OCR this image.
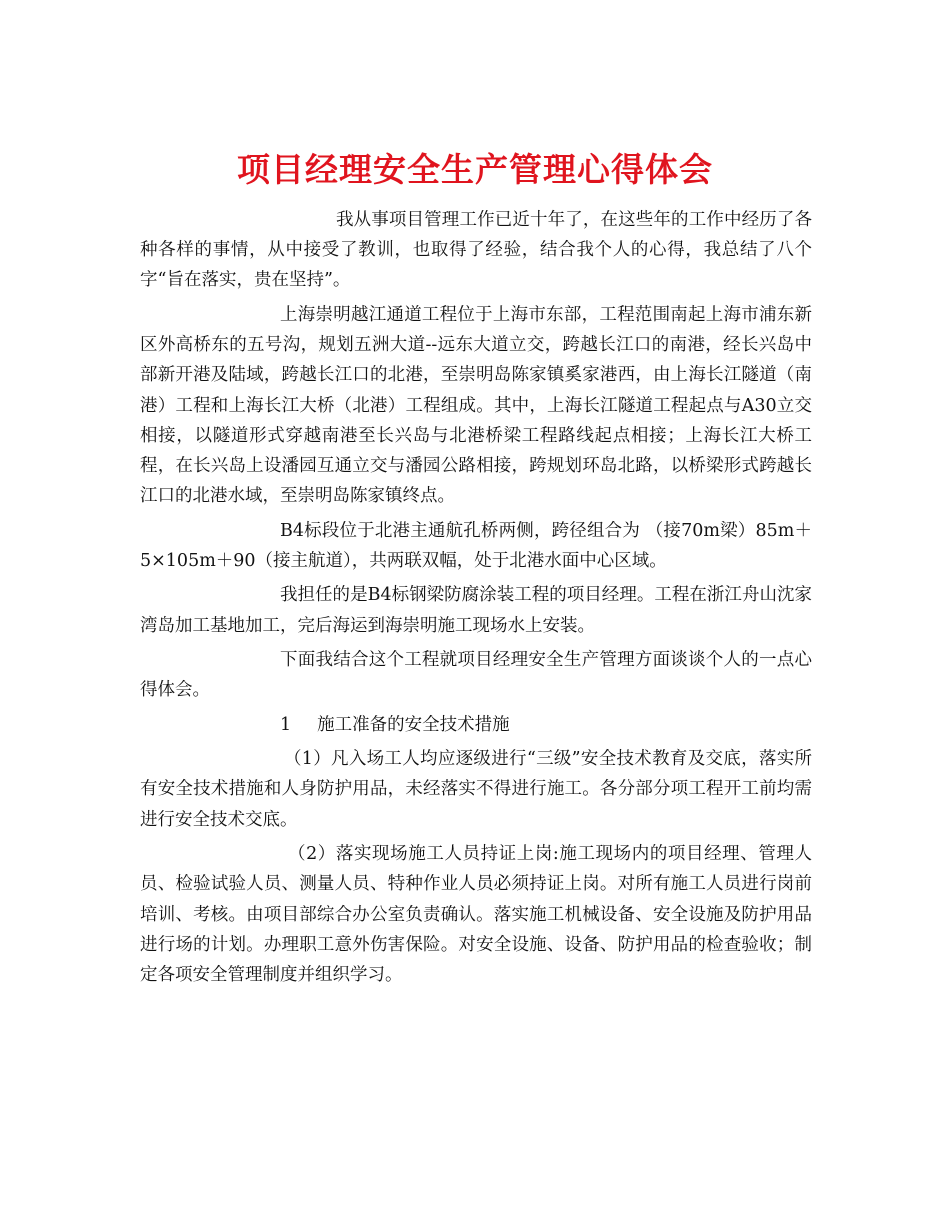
项目经理安全生产管理心得体会

我从事项目管理工作已近十年了，在这些年的工作中经历了各种各样的事情，从中接受了教训，也取得了经验，结合我个人的心得，我总结了八个字“旨在落实，贵在坚持”。

上海崇明越江通道工程位于上海市东部，工程范围南起上海市浦东新区外高桥东的五号沟，规划五洲大道--远东大道立交，跨越长江口的南港，经长兴岛中部新开港及陆域，跨越长江口的北港，至崇明岛陈家镇奚家港西，由上海长江隧道（南港）工程和上海长江大桥（北港）工程组成。其中，上海长江隧道工程起点与A30立交相接，以隧道形式穿越南港至长兴岛与北港桥梁工程路线起点相接；上海长江大桥工程，在长兴岛上设潘园互通立交与潘园公路相接，跨规划环岛北路，以桥梁形式跨越长江口的北港水域，至崇明岛陈家镇终点。

B4标段位于北港主通航孔桥两侧，跨径组合为 （接70m梁）85m＋5×105m＋90（接主航道），共两联双幅，处于北港水面中心区域。

我担任的是B4标钢梁防腐涂装工程的项目经理。工程在浙江舟山沈家湾岛加工基地加工，完后海运到海崇明施工现场水上安装。

下面我结合这个工程就项目经理安全生产管理方面谈谈个人的一点心得体会。

1 施工准备的安全技术措施

（1）凡入场工人均应逐级进行“三级”安全技术教育及交底，落实所有安全技术措施和人身防护用品，未经落实不得进行施工。各分部分项工程开工前均需进行安全技术交底。

（2）落实现场施工人员持证上岗:施工现场内的项目经理、管理人员、检验试验人员、测量人员、特种作业人员必须持证上岗。对所有施工人员进行岗前培训、考核。由项目部综合办公室负责确认。落实施工机械设备、安全设施及防护用品进行场的计划。办理职工意外伤害保险。对安全设施、设备、防护用品的检查验收；制定各项安全管理制度并组织学习。
